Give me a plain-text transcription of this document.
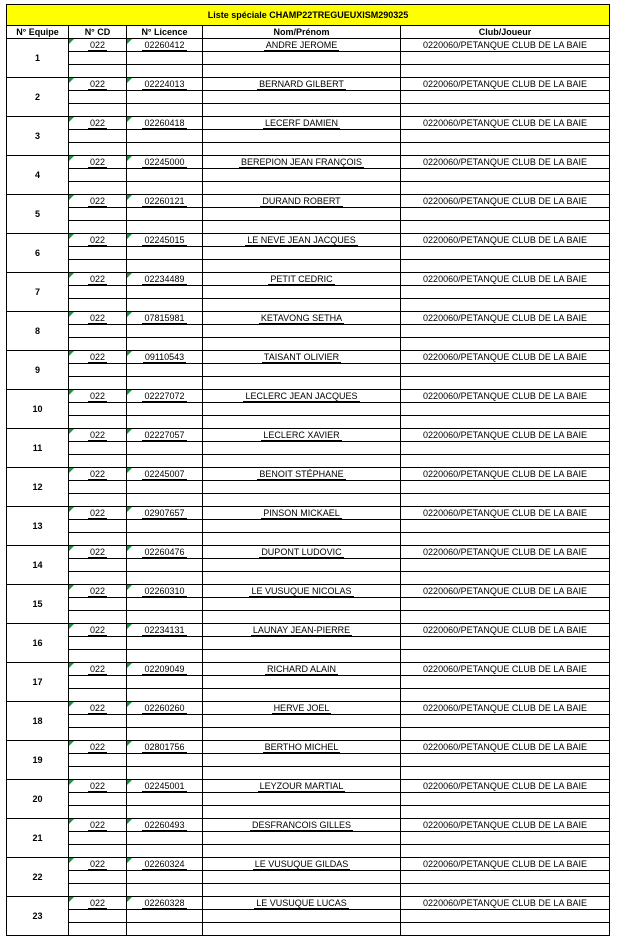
Liste spéciale CHAMP22TREGUEUXISM290325				
N° Equipe	N° CD	N° Licence	Nom/Prénom	Club/Joueur
1	022	02260412	ANDRE JEROME	0220060/PETANQUE CLUB DE LA BAIE

2	022	02224013	BERNARD GILBERT	0220060/PETANQUE CLUB DE LA BAIE

3	022	02260418	LECERF DAMIEN	0220060/PETANQUE CLUB DE LA BAIE

4	022	02245000	BEREPION JEAN FRANÇOIS	0220060/PETANQUE CLUB DE LA BAIE

5	022	02260121	DURAND ROBERT	0220060/PETANQUE CLUB DE LA BAIE

6	022	02245015	LE NEVE JEAN JACQUES	0220060/PETANQUE CLUB DE LA BAIE

7	022	02234489	PETIT CEDRIC	0220060/PETANQUE CLUB DE LA BAIE

8	022	07815981	KETAVONG SETHA	0220060/PETANQUE CLUB DE LA BAIE

9	022	09110543	TAISANT OLIVIER	0220060/PETANQUE CLUB DE LA BAIE

10	022	02227072	LECLERC JEAN JACQUES	0220060/PETANQUE CLUB DE LA BAIE

11	022	02227057	LECLERC XAVIER	0220060/PETANQUE CLUB DE LA BAIE

12	022	02245007	BENOIT STÉPHANE	0220060/PETANQUE CLUB DE LA BAIE

13	022	02907657	PINSON MICKAEL	0220060/PETANQUE CLUB DE LA BAIE

14	022	02260476	DUPONT LUDOVIC	0220060/PETANQUE CLUB DE LA BAIE

15	022	02260310	LE VUSUQUE NICOLAS	0220060/PETANQUE CLUB DE LA BAIE

16	022	02234131	LAUNAY JEAN-PIERRE	0220060/PETANQUE CLUB DE LA BAIE

17	022	02209049	RICHARD ALAIN	0220060/PETANQUE CLUB DE LA BAIE

18	022	02260260	HERVE JOEL	0220060/PETANQUE CLUB DE LA BAIE

19	022	02801756	BERTHO MICHEL	0220060/PETANQUE CLUB DE LA BAIE

20	022	02245001	LEYZOUR MARTIAL	0220060/PETANQUE CLUB DE LA BAIE

21	022	02260493	DESFRANCOIS GILLES	0220060/PETANQUE CLUB DE LA BAIE

22	022	02260324	LE VUSUQUE GILDAS	0220060/PETANQUE CLUB DE LA BAIE

23	022	02260328	LE VUSUQUE LUCAS	0220060/PETANQUE CLUB DE LA BAIE
